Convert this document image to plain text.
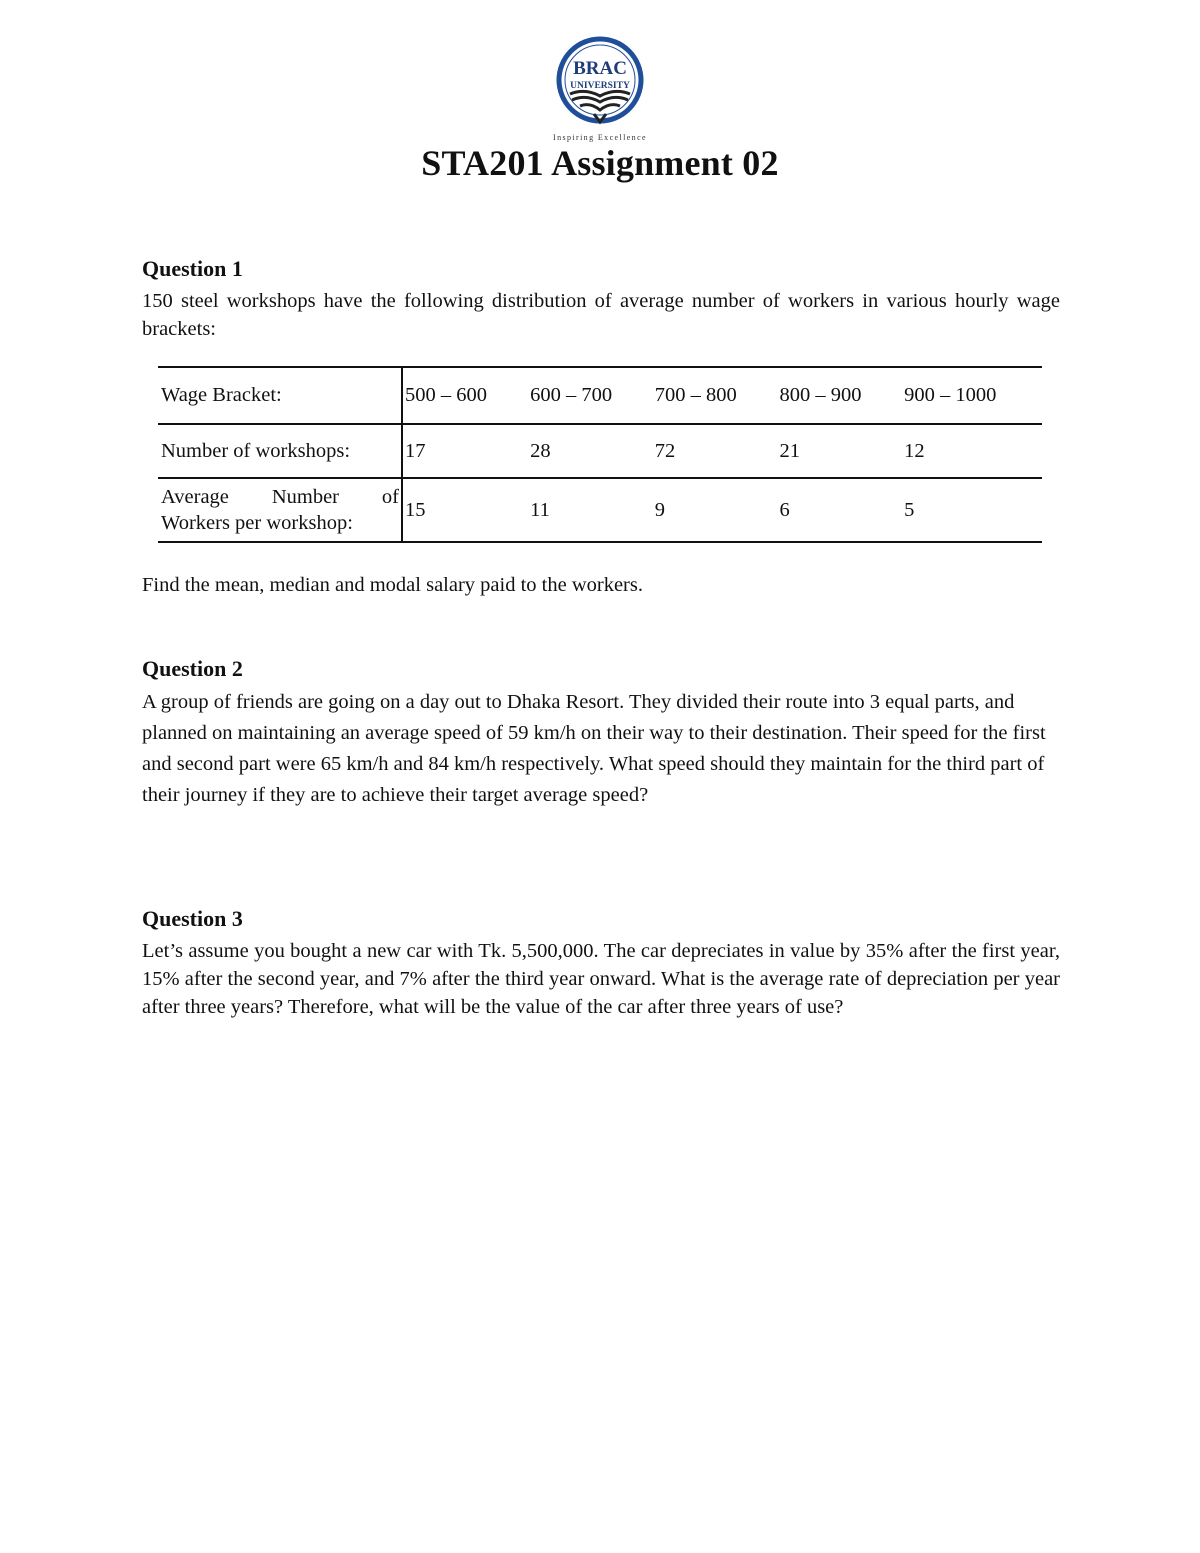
BRAC
UNIVERSITY
Inspiring Excellence
STA201 Assignment 02
Question 1
150 steel workshops have the following distribution of average number of workers in various hourly wage brackets:
Wage Bracket:	500 – 600	600 – 700	700 – 800	800 – 900	900 – 1000
Number of workshops:	17	28	72	21	12

Average Number of
Workers per workshop:	15	11	9	6	5
Find the mean, median and modal salary paid to the workers.
Question 2
A group of friends are going on a day out to Dhaka Resort. They divided their route into 3 equal parts, and planned on maintaining an average speed of 59 km/h on their way to their destination. Their speed for the first and second part were 65 km/h and 84 km/h respectively. What speed should they maintain for the third part of their journey if they are to achieve their target average speed?
Question 3
Let’s assume you bought a new car with Tk. 5,500,000. The car depreciates in value by 35% after the first year, 15% after the second year, and 7% after the third year onward. What is the average rate of depreciation per year after three years? Therefore, what will be the value of the car after three years of use?
